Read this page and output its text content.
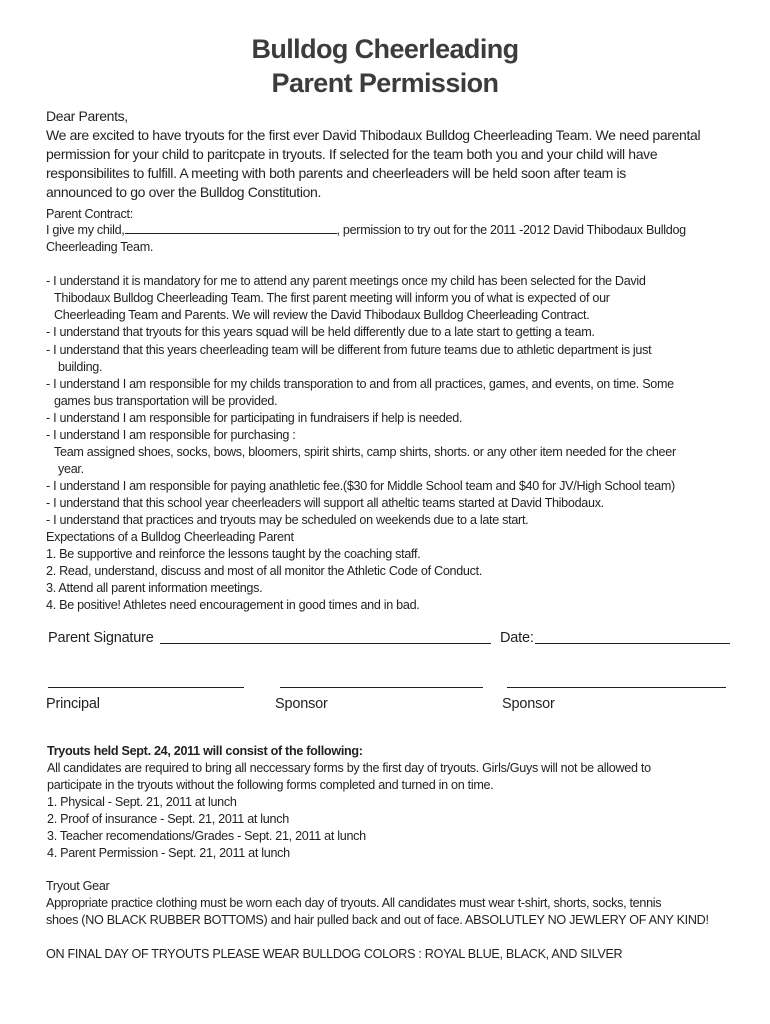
Bulldog Cheerleading
Parent Permission
Dear Parents,
We are excited to have tryouts for the first ever David Thibodaux Bulldog Cheerleading Team. We need parental
permission for your child to paritcpate in tryouts. If selected for the team both you and your child will have
responsibilites to fulfill. A meeting with both parents and cheerleaders will be held soon after team is
announced to go over the Bulldog Constitution.
Parent Contract:
I give my child,	, permission to try out for the 2011 -2012 David Thibodaux Bulldog
Cheerleading Team.
- I understand it is mandatory for me to attend any parent meetings once my child has been selected for the David
Thibodaux Bulldog Cheerleading Team. The first parent meeting will inform you of what is expected of our
Cheerleading Team and Parents. We will review the David Thibodaux Bulldog Cheerleading Contract.
- I understand that tryouts for this years squad will be held differently due to a late start to getting a team.
- I understand that this years cheerleading team will be different from future teams due to athletic department is just
building.
- I understand I am responsible for my childs transporation to and from all practices, games, and events, on time. Some
games bus transportation will be provided.
- I understand I am responsible for participating in fundraisers if help is needed.
- I understand I am responsible for purchasing :
Team assigned shoes, socks, bows, bloomers, spirit shirts, camp shirts, shorts. or any other item needed for the cheer
year.
- I understand I am responsible for paying anathletic fee.($30 for Middle School team and $40 for JV/High School team)
- I understand that this school year cheerleaders will support all atheltic teams started at David Thibodaux.
- I understand that practices and tryouts may be scheduled on weekends due to a late start.
Expectations of a Bulldog Cheerleading Parent
1. Be supportive and reinforce the lessons taught by the coaching staff.
2. Read, understand, discuss and most of all monitor the Athletic Code of Conduct.
3. Attend all parent information meetings.
4. Be positive! Athletes need encouragement in good times and in bad.
Parent Signature	Date:
Principal	Sponsor	Sponsor
Tryouts held Sept. 24, 2011 will consist of the following:
All candidates are required to bring all neccessary forms by the first day of tryouts. Girls/Guys will not be allowed to
participate in the tryouts without the following forms completed and turned in on time.
1. Physical - Sept. 21, 2011 at lunch
2. Proof of insurance - Sept. 21, 2011 at lunch
3. Teacher recomendations/Grades - Sept. 21, 2011 at lunch
4. Parent Permission - Sept. 21, 2011 at lunch
Tryout Gear
Appropriate practice clothing must be worn each day of tryouts. All candidates must wear t-shirt, shorts, socks, tennis
shoes (NO BLACK RUBBER BOTTOMS) and hair pulled back and out of face. ABSOLUTLEY NO JEWLERY OF ANY KIND!
ON FINAL DAY OF TRYOUTS PLEASE WEAR BULLDOG COLORS : ROYAL BLUE, BLACK, AND SILVER
